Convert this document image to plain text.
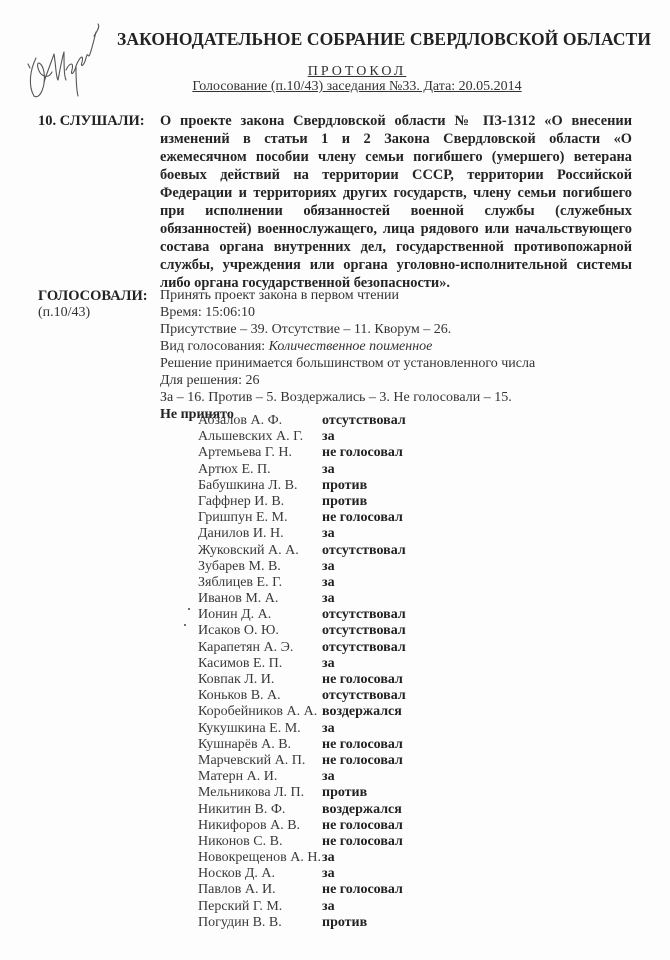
ЗАКОНОДАТЕЛЬНОЕ СОБРАНИЕ СВЕРДЛОВСКОЙ ОБЛАСТИ
ПРОТОКОЛ
Голосование (п.10/43) заседания №33. Дата: 20.05.2014
10. СЛУШАЛИ: О проекте закона Свердловской области № ПЗ-1312 «О внесении изменений в статьи 1 и 2 Закона Свердловской области «О ежемесячном пособии члену семьи погибшего (умершего) ветерана боевых действий на территории СССР, территории Российской Федерации и территориях других государств, члену семьи погибшего при исполнении обязанностей военной службы (служебных обязанностей) военнослужащего, лица рядового или начальствующего состава органа внутренних дел, государственной противопожарной службы, учреждения или органа уголовно-исполнительной системы либо органа государственной безопасности».
ГОЛОСОВАЛИ:
(п.10/43)
Принять проект закона в первом чтении
Время: 15:06:10
Присутствие – 39. Отсутствие – 11. Кворум – 26.
Вид голосования: Количественное поименное
Решение принимается большинством от установленного числа
Для решения: 26
За – 16. Против – 5. Воздержались – 3. Не голосовали – 15.
Не принято
Абзалов А. Ф.	отсутствовал
Альшевских А. Г.	за
Артемьева Г. Н.	не голосовал
Артюх Е. П.	за
Бабушкина Л. В.	против
Гаффнер И. В.	против
Гришпун Е. М.	не голосовал
Данилов И. Н.	за
Жуковский А. А.	отсутствовал
Зубарев М. В.	за
Зяблицев Е. Г.	за
Иванов М. А.	за
Ионин Д. А.	отсутствовал
Исаков О. Ю.	отсутствовал
Карапетян А. Э.	отсутствовал
Касимов Е. П.	за
Ковпак Л. И.	не голосовал
Коньков В. А.	отсутствовал
Коробейников А. А. воздержался
Кукушкина Е. М.	за
Кушнарёв А. В.	не голосовал
Марчевский А. П.	не голосовал
Матерн А. И.	за
Мельникова Л. П.	против
Никитин В. Ф.	воздержался
Никифоров А. В.	не голосовал
Никонов С. В.	не голосовал
Новокрещенов А. Н. за
Носков Д. А.	за
Павлов А. И.	не голосовал
Перский Г. М.	за
Погудин В. В.	против
